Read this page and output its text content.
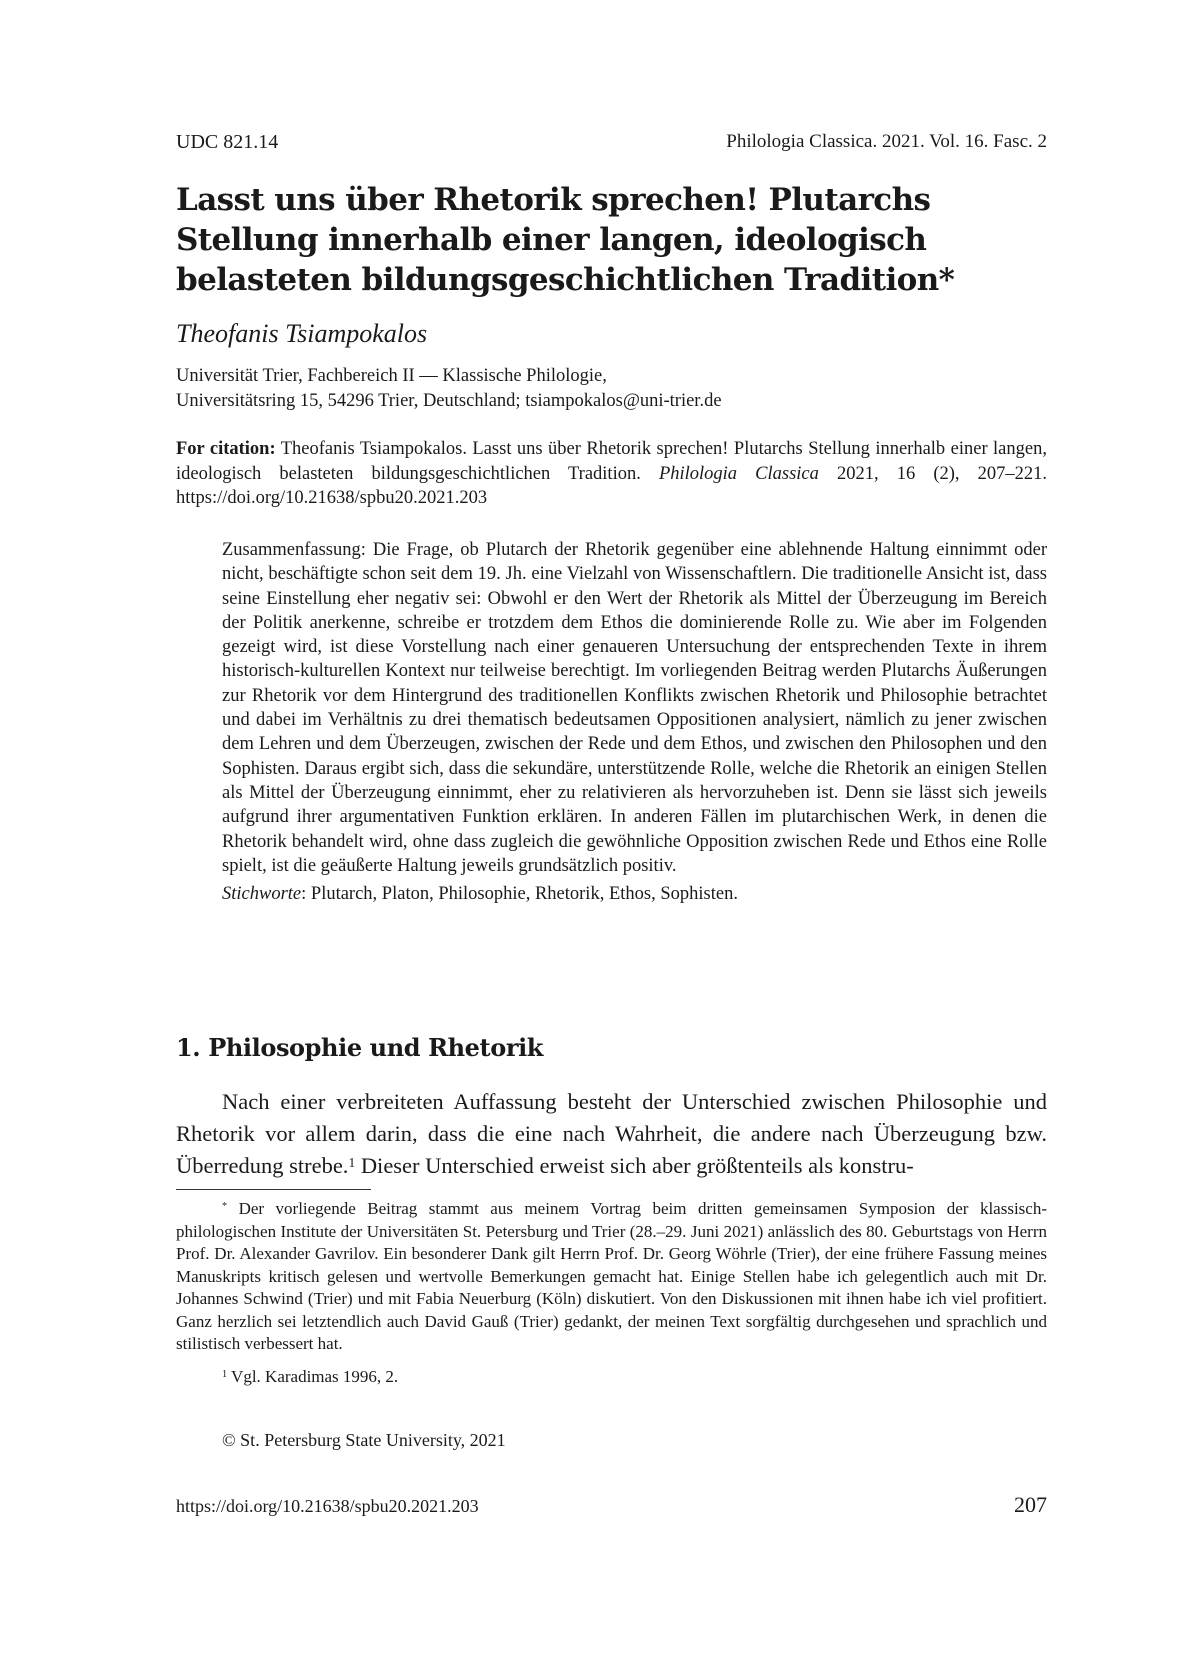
UDC 821.14	Philologia Classica. 2021. Vol. 16. Fasc. 2
Lasst uns über Rhetorik sprechen! Plutarchs Stellung innerhalb einer langen, ideologisch belasteten bildungsgeschichtlichen Tradition*
Theofanis Tsiampokalos
Universität Trier, Fachbereich II — Klassische Philologie,
Universitätsring 15, 54296 Trier, Deutschland; tsiampokalos@uni-trier.de
For citation: Theofanis Tsiampokalos. Lasst uns über Rhetorik sprechen! Plutarchs Stellung innerhalb einer langen, ideologisch belasteten bildungsgeschichtlichen Tradition. Philologia Classica 2021, 16 (2), 207–221. https://doi.org/10.21638/spbu20.2021.203

Zusammenfassung: Die Frage, ob Plutarch der Rhetorik gegenüber eine ablehnende Haltung einnimmt oder nicht, beschäftigte schon seit dem 19. Jh. eine Vielzahl von Wissenschaftlern. Die traditionelle Ansicht ist, dass seine Einstellung eher negativ sei: Obwohl er den Wert der Rhetorik als Mittel der Überzeugung im Bereich der Politik anerkenne, schreibe er trotzdem dem Ethos die dominierende Rolle zu. Wie aber im Folgenden gezeigt wird, ist diese Vorstellung nach einer genaueren Untersuchung der entsprechenden Texte in ihrem historisch-kulturellen Kontext nur teilweise berechtigt. Im vorliegenden Beitrag werden Plutarchs Äußerungen zur Rhetorik vor dem Hintergrund des traditionellen Konflikts zwischen Rhetorik und Philosophie betrachtet und dabei im Verhältnis zu drei thematisch bedeutsamen Oppositionen analysiert, nämlich zu jener zwischen dem Lehren und dem Überzeugen, zwischen der Rede und dem Ethos, und zwischen den Philosophen und den Sophisten. Daraus ergibt sich, dass die sekundäre, unterstützende Rolle, welche die Rhetorik an einigen Stellen als Mittel der Überzeugung einnimmt, eher zu relativieren als hervorzuheben ist. Denn sie lässt sich jeweils aufgrund ihrer argumentativen Funktion erklären. In anderen Fällen im plutarchischen Werk, in denen die Rhetorik behandelt wird, ohne dass zugleich die gewöhnliche Opposition zwischen Rede und Ethos eine Rolle spielt, ist die geäußerte Haltung jeweils grundsätzlich positiv.

Stichworte: Plutarch, Platon, Philosophie, Rhetorik, Ethos, Sophisten.

1. Philosophie und Rhetorik

Nach einer verbreiteten Auffassung besteht der Unterschied zwischen Philosophie und Rhetorik vor allem darin, dass die eine nach Wahrheit, die andere nach Überzeugung bzw. Überredung strebe.$^1$ Dieser Unterschied erweist sich aber größtenteils als konstru-

* Der vorliegende Beitrag stammt aus meinem Vortrag beim dritten gemeinsamen Symposion der klassisch-philologischen Institute der Universitäten St. Petersburg und Trier (28.–29. Juni 2021) anlässlich des 80. Geburtstags von Herrn Prof. Dr. Alexander Gavrilov. Ein besonderer Dank gilt Herrn Prof. Dr. Georg Wöhrle (Trier), der eine frühere Fassung meines Manuskripts kritisch gelesen und wertvolle Bemerkungen gemacht hat. Einige Stellen habe ich gelegentlich auch mit Dr. Johannes Schwind (Trier) und mit Fabia Neuerburg (Köln) diskutiert. Von den Diskussionen mit ihnen habe ich viel profitiert. Ganz herzlich sei letztendlich auch David Gauß (Trier) gedankt, der meinen Text sorgfältig durchgesehen und sprachlich und stilistisch verbessert hat.

$^1$ Vgl. Karadimas 1996, 2.

© St. Petersburg State University, 2021
https://doi.org/10.21638/spbu20.2021.203	207
